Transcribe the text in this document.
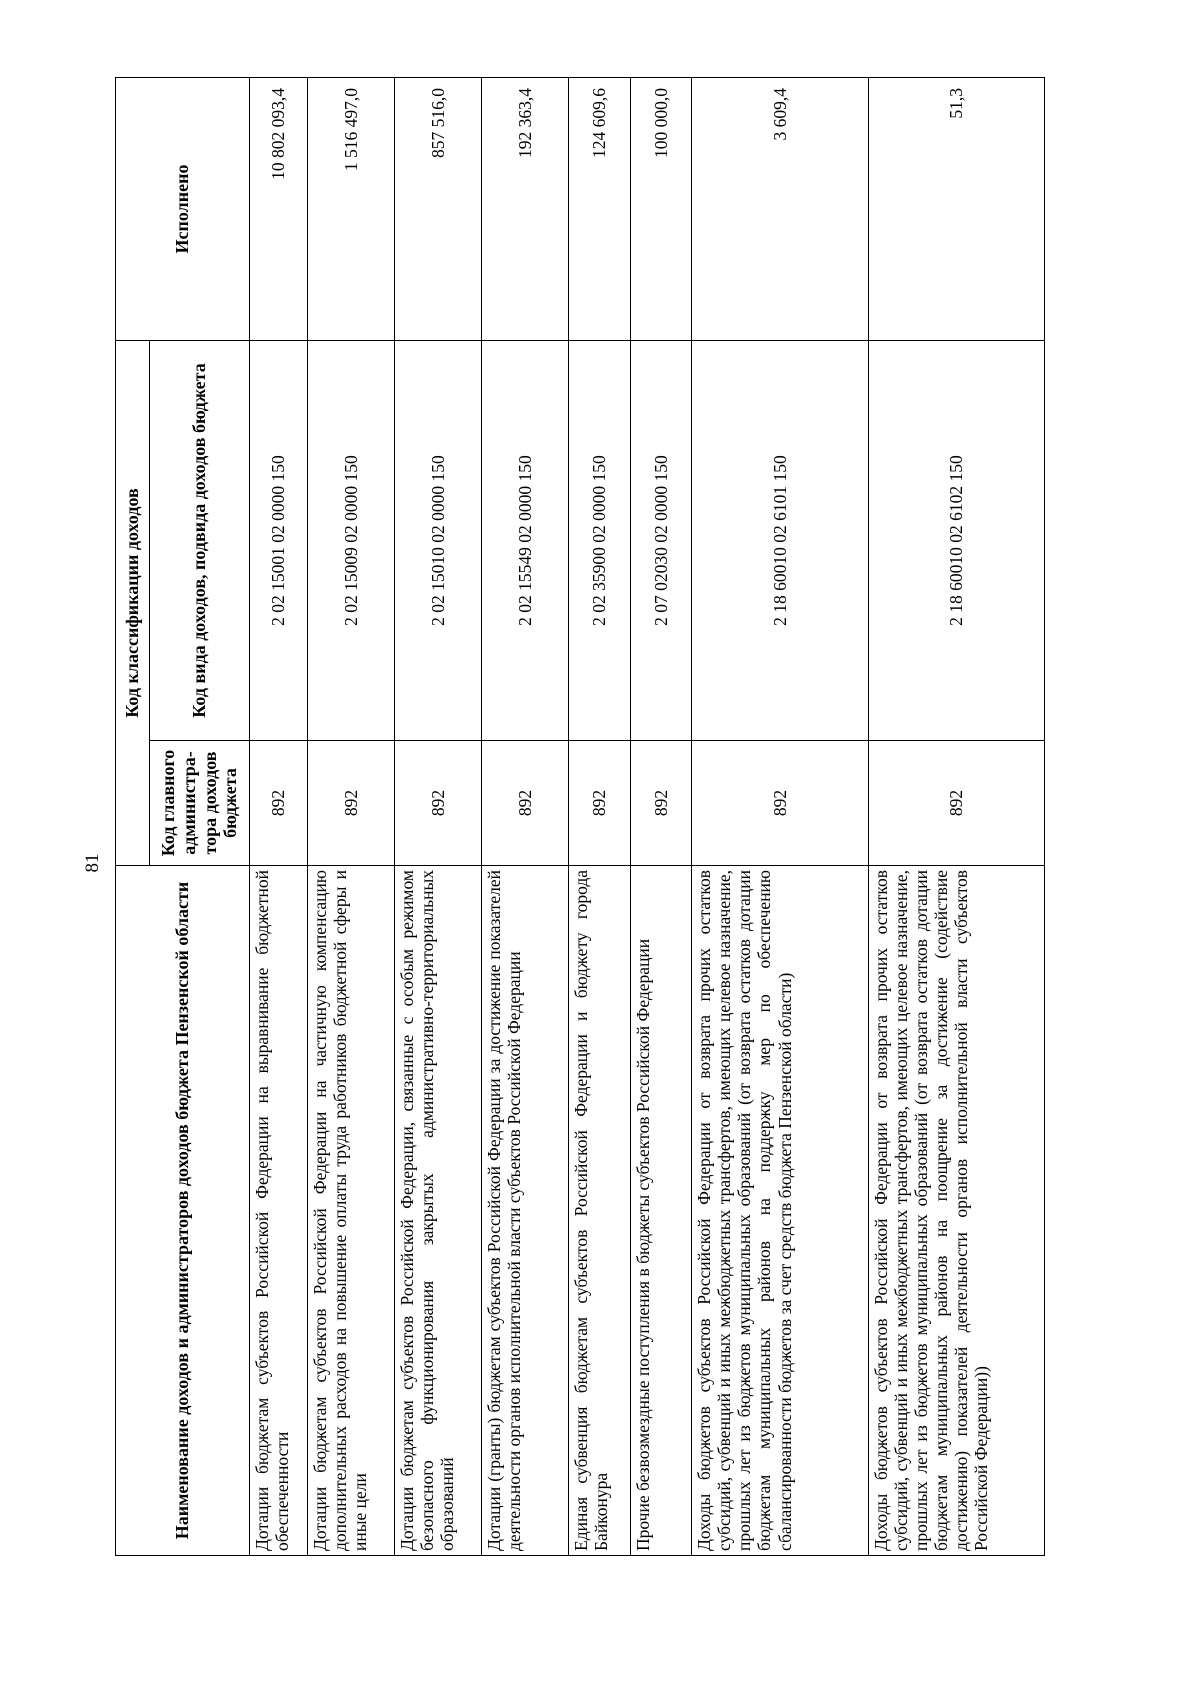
81
Наименование доходов и администраторов доходов бюджета Пензенской области	Код классификации доходов		Исполнено
	Код главного администра-тора доходов бюджета	Код вида доходов, подвида доходов бюджета	
Дотации бюджетам субъектов Российской Федерации на выравнивание бюджетной обеспеченности	892	2 02 15001 02 0000 150	10 802 093,4
Дотации бюджетам субъектов Российской Федерации на частичную компенсацию дополнительных расходов на повышение оплаты труда работников бюджетной сферы и иные цели	892	2 02 15009 02 0000 150	1 516 497,0
Дотации бюджетам субъектов Российской Федерации, связанные с особым режимом безопасного функционирования закрытых административно-территориальных образований	892	2 02 15010 02 0000 150	857 516,0
Дотации (гранты) бюджетам субъектов Российской Федерации за достижение показателей деятельности органов исполнительной власти субъектов Российской Федерации	892	2 02 15549 02 0000 150	192 363,4
Единая субвенция бюджетам субъектов Российской Федерации и бюджету города Байконура	892	2 02 35900 02 0000 150	124 609,6
Прочие безвозмездные поступления в бюджеты субъектов Российской Федерации	892	2 07 02030 02 0000 150	100 000,0
Доходы бюджетов субъектов Российской Федерации от возврата прочих остатков субсидий, субвенций и иных межбюджетных трансфертов, имеющих целевое назначение, прошлых лет из бюджетов муниципальных образований (от возврата остатков дотации бюджетам муниципальных районов на поддержку мер по обеспечению сбалансированности бюджетов за счет средств бюджета Пензенской области)	892	2 18 60010 02 6101 150	3 609,4
Доходы бюджетов субъектов Российской Федерации от возврата прочих остатков субсидий, субвенций и иных межбюджетных трансфертов, имеющих целевое назначение, прошлых лет из бюджетов муниципальных образований (от возврата остатков дотации бюджетам муниципальных районов на поощрение за достижение (содействие достижению) показателей деятельности органов исполнительной власти субъектов Российской Федерации))	892	2 18 60010 02 6102 150	51,3
